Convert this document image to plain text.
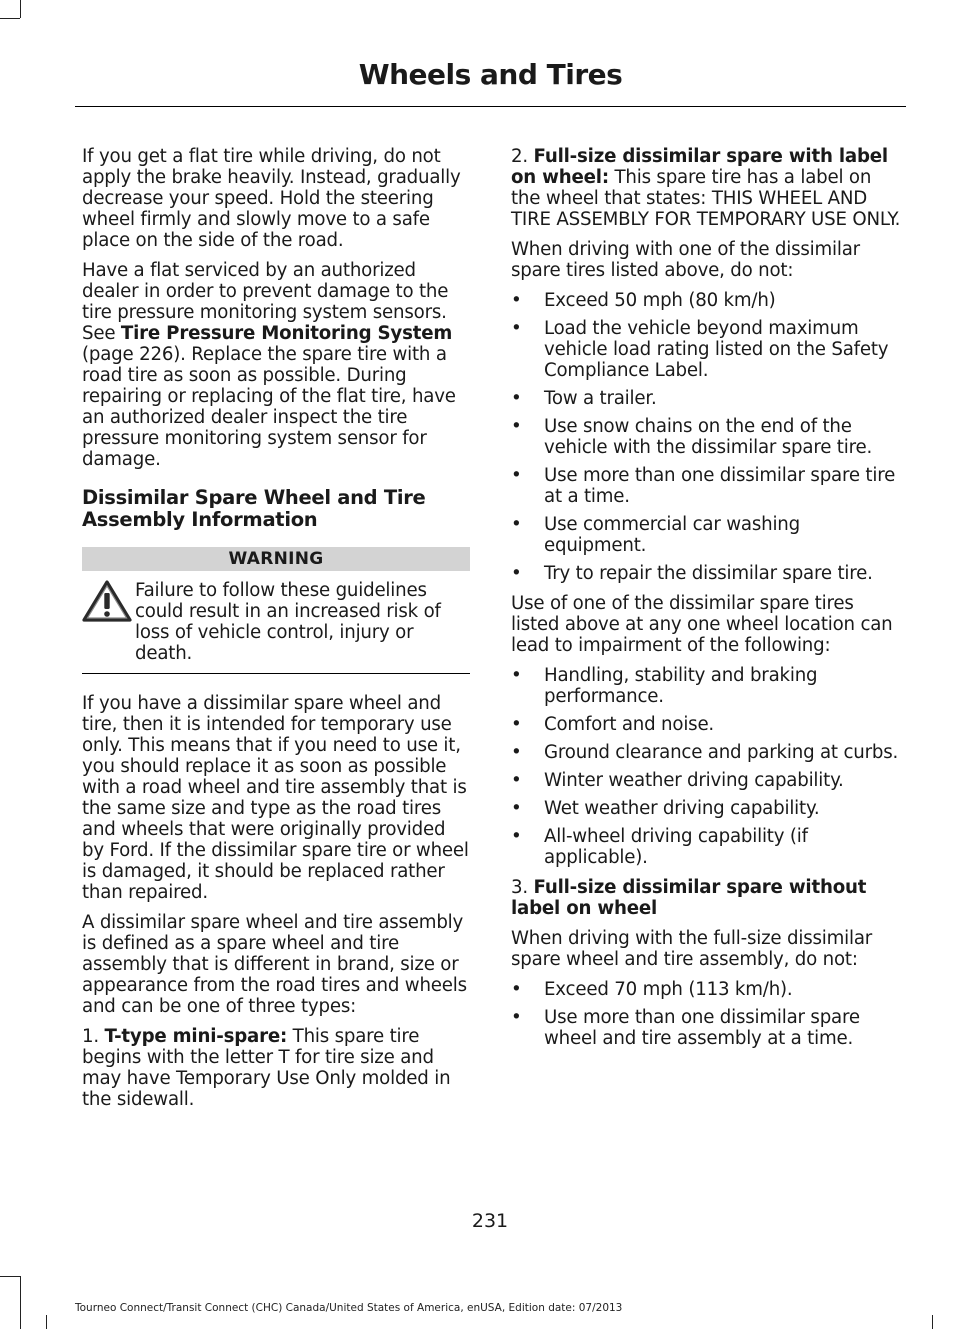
Wheels and Tires

If you get a flat tire while driving, do not apply the brake heavily. Instead, gradually decrease your speed. Hold the steering wheel firmly and slowly move to a safe place on the side of the road.

Have a flat serviced by an authorized dealer in order to prevent damage to the tire pressure monitoring system sensors. See Tire Pressure Monitoring System (page 226). Replace the spare tire with a road tire as soon as possible. During repairing or replacing of the flat tire, have an authorized dealer inspect the tire pressure monitoring system sensor for damage.

Dissimilar Spare Wheel and Tire Assembly Information
WARNING
Failure to follow these guidelines could result in an increased risk of loss of vehicle control, injury or death.

If you have a dissimilar spare wheel and tire, then it is intended for temporary use only. This means that if you need to use it, you should replace it as soon as possible with a road wheel and tire assembly that is the same size and type as the road tires and wheels that were originally provided by Ford. If the dissimilar spare tire or wheel is damaged, it should be replaced rather than repaired.

A dissimilar spare wheel and tire assembly is defined as a spare wheel and tire assembly that is different in brand, size or appearance from the road tires and wheels and can be one of three types:

1. T-type mini-spare: This spare tire begins with the letter T for tire size and may have Temporary Use Only molded in the sidewall.

2. Full-size dissimilar spare with label on wheel: This spare tire has a label on the wheel that states: THIS WHEEL AND TIRE ASSEMBLY FOR TEMPORARY USE ONLY.

When driving with one of the dissimilar spare tires listed above, do not:

• Exceed 50 mph (80 km/h)
• Load the vehicle beyond maximum vehicle load rating listed on the Safety Compliance Label.
• Tow a trailer.
• Use snow chains on the end of the vehicle with the dissimilar spare tire.
• Use more than one dissimilar spare tire at a time.
• Use commercial car washing equipment.
• Try to repair the dissimilar spare tire.

Use of one of the dissimilar spare tires listed above at any one wheel location can lead to impairment of the following:

• Handling, stability and braking performance.
• Comfort and noise.
• Ground clearance and parking at curbs.
• Winter weather driving capability.
• Wet weather driving capability.
• All-wheel driving capability (if applicable).

3. Full-size dissimilar spare without label on wheel

When driving with the full-size dissimilar spare wheel and tire assembly, do not:

• Exceed 70 mph (113 km/h).
• Use more than one dissimilar spare wheel and tire assembly at a time.
231
Tourneo Connect/Transit Connect (CHC) Canada/United States of America, enUSA, Edition date: 07/2013
